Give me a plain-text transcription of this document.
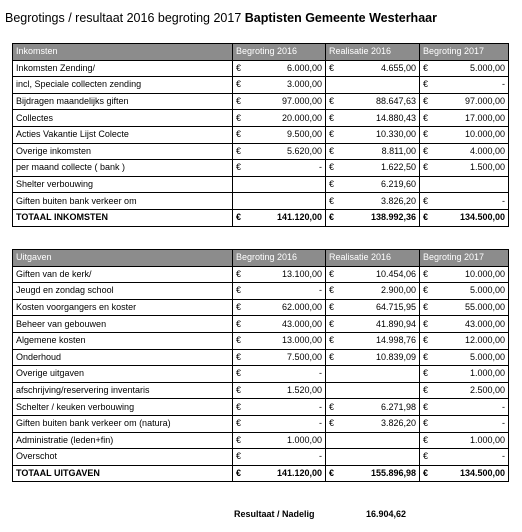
Begrotings / resultaat 2016 begroting 2017 Baptisten Gemeente Westerhaar
Inkomsten	Begroting 2016	Realisatie 2016	Begroting 2017
Inkomsten Zending/	€ 6.000,00	€ 4.655,00	€ 5.000,00

incl, Speciale collecten zending	€ 3.000,00		€ -

Bijdragen maandelijks giften	€ 97.000,00	€ 88.647,63	€ 97.000,00

Collectes	€ 20.000,00	€ 14.880,43	€ 17.000,00

Acties Vakantie Lijst Colecte	€ 9.500,00	€ 10.330,00	€ 10.000,00

Overige inkomsten	€ 5.620,00	€ 8.811,00	€ 4.000,00

per maand collecte ( bank )	€ -	€ 1.622,50	€ 1.500,00

Shelter verbouwing		€ 6.219,60	

Giften buiten bank verkeer om		€ 3.826,20	€ -

TOTAAL INKOMSTEN	€ 141.120,00	€ 138.992,36	€ 134.500,00
Uitgaven	Begroting 2016	Realisatie 2016	Begroting 2017
Giften van de kerk/	€ 13.100,00	€ 10.454,06	€ 10.000,00

Jeugd en zondag school	€ -	€ 2.900,00	€ 5.000,00

Kosten voorgangers en koster	€ 62.000,00	€ 64.715,95	€ 55.000,00

Beheer van gebouwen	€ 43.000,00	€ 41.890,94	€ 43.000,00

Algemene kosten	€ 13.000,00	€ 14.998,76	€ 12.000,00

Onderhoud	€ 7.500,00	€ 10.839,09	€ 5.000,00

Overige uitgaven	€ -		€ 1.000,00

afschrijving/reservering inventaris	€ 1.520,00		€ 2.500,00

Schelter / keuken verbouwing	€ -	€ 6.271,98	€ -

Giften buiten bank verkeer om (natura)	€ -	€ 3.826,20	€ -

Administratie (leden+fin)	€ 1.000,00		€ 1.000,00

Overschot	€ -		€ -

TOTAAL UITGAVEN	€ 141.120,00	€ 155.896,98	€ 134.500,00
Resultaat / Nadelig	16.904,62
